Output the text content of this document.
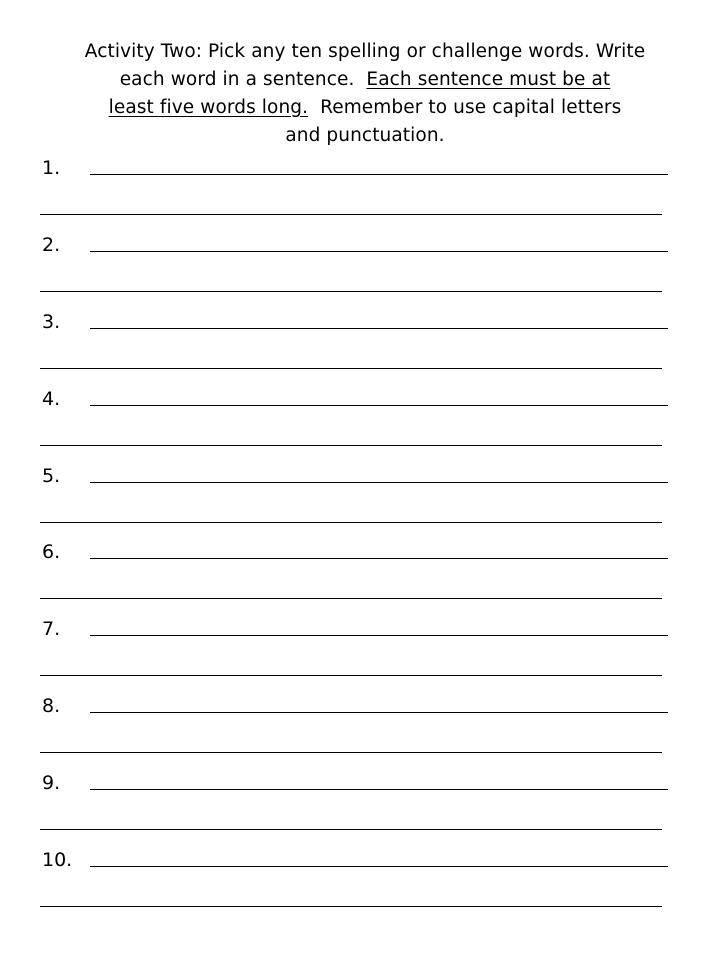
Activity Two: Pick any ten spelling or challenge words. Write
each word in a sentence.  Each sentence must be at
least five words long.  Remember to use capital letters
and punctuation.
1.
2.
3.
4.
5.
6.
7.
8.
9.
10.
